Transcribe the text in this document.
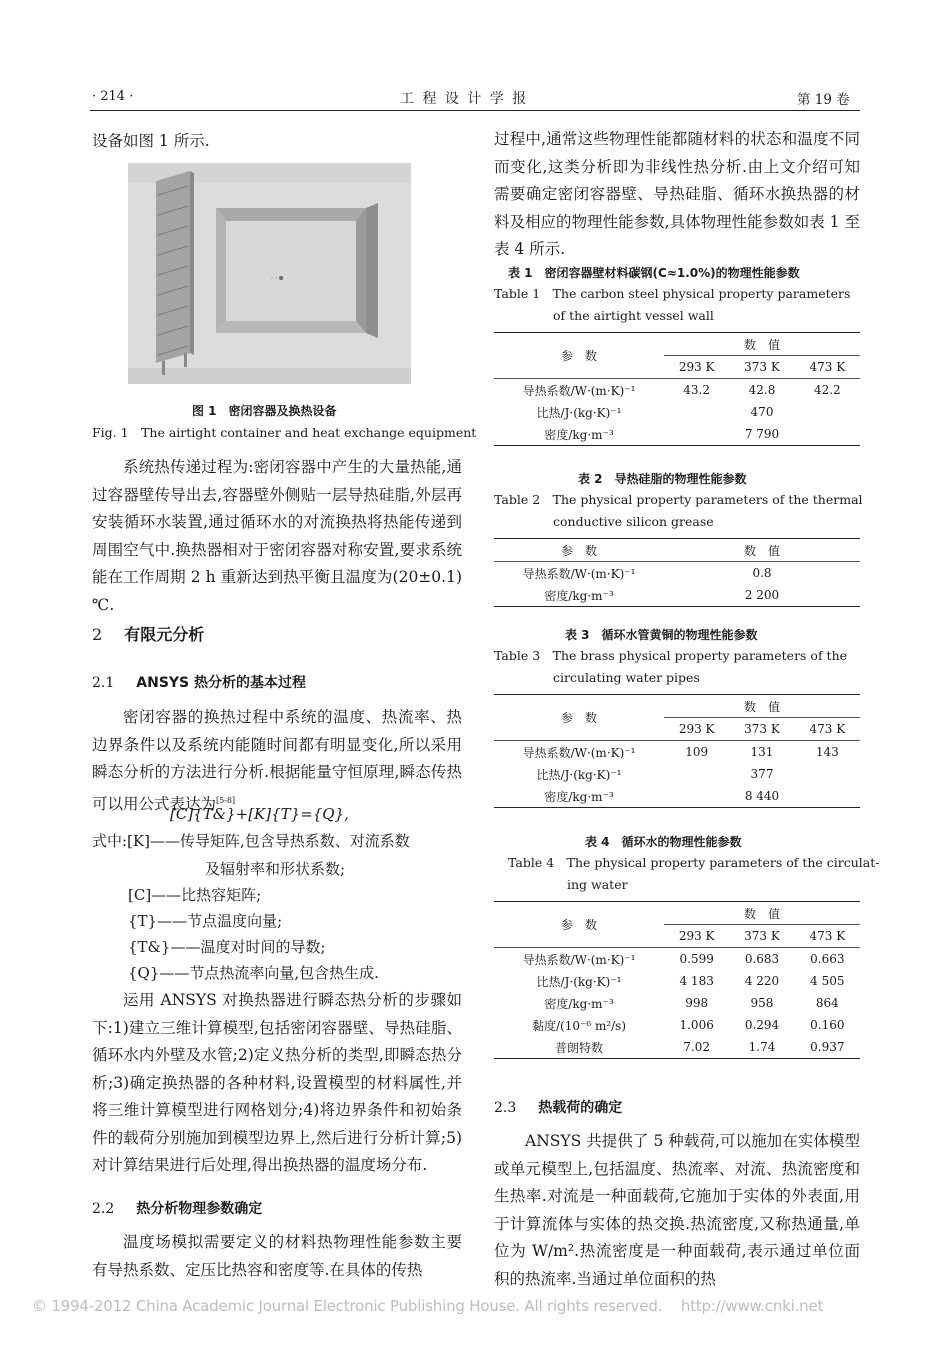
· 214 ·	工 程 设 计 学 报	第 19 卷
设备如图 1 所示.
图 1　密闭容器及换热设备
Fig. 1　The airtight container and heat exchange equipment
系统热传递过程为:密闭容器中产生的大量热能,通过容器壁传导出去,容器壁外侧贴一层导热硅脂,外层再安装循环水装置,通过循环水的对流换热将热能传递到周围空气中.换热器相对于密闭容器对称安置,要求系统能在工作周期 2 h 重新达到热平衡且温度为(20±0.1) ℃.
2 有限元分析
2.1 ANSYS 热分析的基本过程
密闭容器的换热过程中系统的温度、热流率、热边界条件以及系统内能随时间都有明显变化,所以采用瞬态分析的方法进行分析.根据能量守恒原理,瞬态传热可以用公式表达为[5-8]
[C]{T&}+[K]{T}={Q},
式中:[K]——传导矩阵,包含导热系数、对流系数
及辐射率和形状系数;
[C]——比热容矩阵;
{T}——节点温度向量;
{T&}——温度对时间的导数;
{Q}——节点热流率向量,包含热生成.
运用 ANSYS 对换热器进行瞬态热分析的步骤如下:1)建立三维计算模型,包括密闭容器壁、导热硅脂、循环水内外壁及水管;2)定义热分析的类型,即瞬态热分析;3)确定换热器的各种材料,设置模型的材料属性,并将三维计算模型进行网格划分;4)将边界条件和初始条件的载荷分别施加到模型边界上,然后进行分析计算;5)对计算结果进行后处理,得出换热器的温度场分布.
2.2 热分析物理参数确定
温度场模拟需要定义的材料热物理性能参数主要有导热系数、定压比热容和密度等.在具体的传热
过程中,通常这些物理性能都随材料的状态和温度不同而变化,这类分析即为非线性热分析.由上文介绍可知需要确定密闭容器壁、导热硅脂、循环水换热器的材料及相应的物理性能参数,具体物理性能参数如表 1 至表 4 所示.
表 1　密闭容器壁材料碳钢(C≈1.0%)的物理性能参数
Table 1　The carbon steel physical property parameters
of the airtight vessel wall
参　数	数　值		
	293 K	373 K	473 K
导热系数/W·(m·K)⁻¹	43.2	42.8	42.2
比热/J·(kg·K)⁻¹	470		
密度/kg·m⁻³	7 790		
表 2　导热硅脂的物理性能参数
Table 2　The physical property parameters of the thermal
conductive silicon grease
参　数	数　值
导热系数/W·(m·K)⁻¹	0.8
密度/kg·m⁻³	2 200
表 3　循环水管黄铜的物理性能参数
Table 3　The brass physical property parameters of the
circulating water pipes
参　数	数　值		
	293 K	373 K	473 K
导热系数/W·(m·K)⁻¹	109	131	143
比热/J·(kg·K)⁻¹	377		
密度/kg·m⁻³	8 440		
表 4　循环水的物理性能参数
Table 4　The physical property parameters of the circulat-
ing water
参　数	数　值		
	293 K	373 K	473 K
导热系数/W·(m·K)⁻¹	0.599	0.683	0.663
比热/J·(kg·K)⁻¹	4 183	4 220	4 505
密度/kg·m⁻³	998	958	864
黏度/(10⁻⁶ m²/s)	1.006	0.294	0.160
普朗特数	7.02	1.74	0.937
2.3 热载荷的确定
ANSYS 共提供了 5 种载荷,可以施加在实体模型或单元模型上,包括温度、热流率、对流、热流密度和生热率.对流是一种面载荷,它施加于实体的外表面,用于计算流体与实体的热交换.热流密度,又称热通量,单位为 W/m².热流密度是一种面载荷,表示通过单位面积的热流率.当通过单位面积的热
© 1994-2012 China Academic Journal Electronic Publishing House. All rights reserved. http://www.cnki.net
